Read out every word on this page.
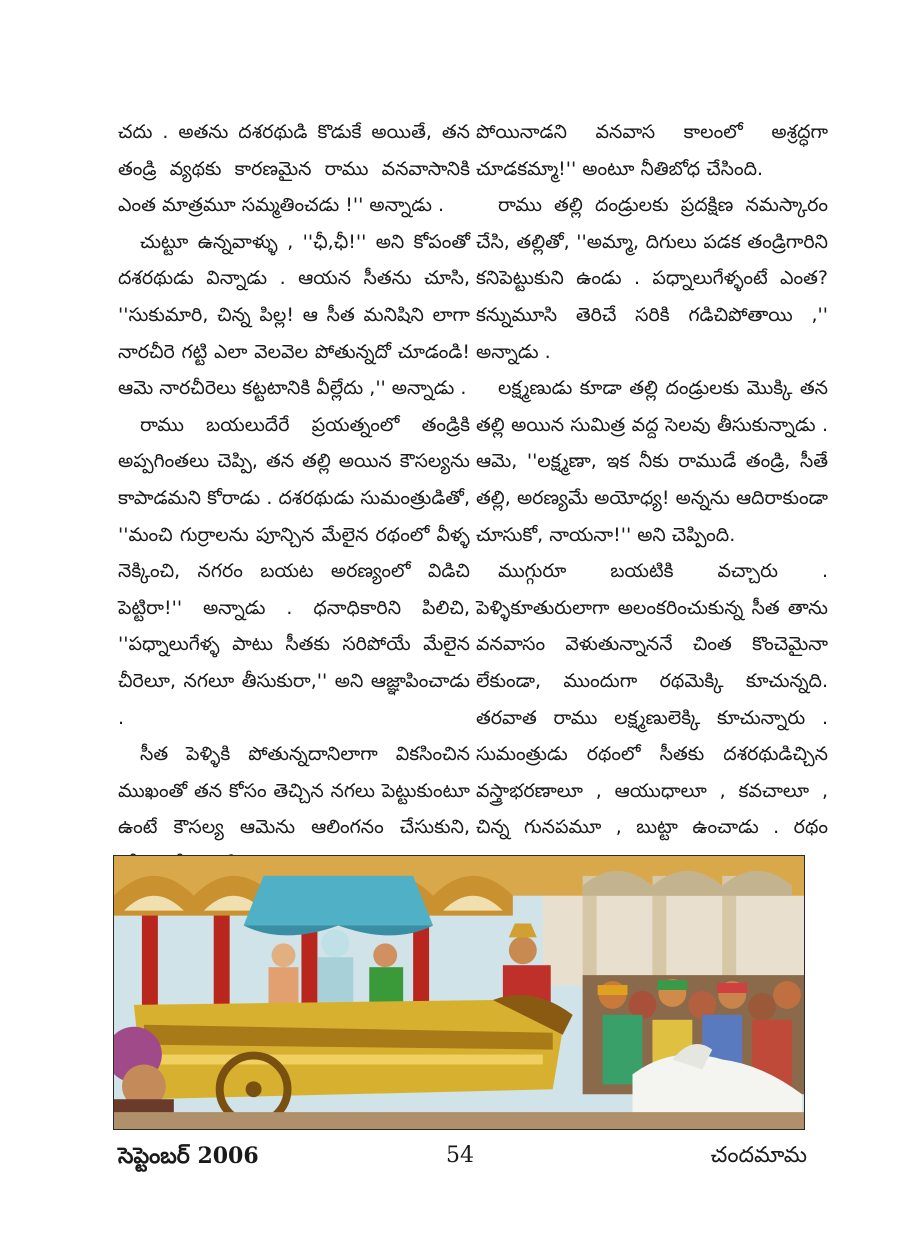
చదు . అతను దశరథుడి కొడుకే అయితే, తన తండ్రి వ్యథకు కారణమైన రాము వనవాసానికి ఎంత మాత్రమూ సమ్మతించడు !'' అన్నాడు .

చుట్టూ ఉన్నవాళ్ళు , ''ఛీ,ఛీ!'' అని కోపంతో దశరథుడు విన్నాడు . ఆయన సీతను చూసి, ''సుకుమారి, చిన్న పిల్ల! ఆ సీత మనిషిని లాగా నారచీరె గట్టి ఎలా వెలవెల పోతున్నదో చూడండి! ఆమె నారచీరెలు కట్టటానికి వీల్లేదు ,'' అన్నాడు .

రాము బయలుదేరే ప్రయత్నంలో తండ్రికి అప్పగింతలు చెప్పి, తన తల్లి అయిన కౌసల్యను కాపాడమని కోరాడు . దశరథుడు సుమంత్రుడితో, ''మంచి గుర్రాలను పూన్చిన మేలైన రథంలో వీళ్ళ నెక్కించి, నగరం బయట అరణ్యంలో విడిచి పెట్టిరా!'' అన్నాడు . ధనాధికారిని పిలిచి, ''పధ్నాలుగేళ్ళ పాటు సీతకు సరిపోయే మేలైన చీరెలూ, నగలూ తీసుకురా,'' అని ఆజ్ఞాపించాడు .

సీత పెళ్ళికి పోతున్నదానిలాగా వికసించిన ముఖంతో తన కోసం తెచ్చిన నగలు పెట్టుకుంటూ ఉంటే కౌసల్య ఆమెను ఆలింగనం చేసుకుని,

పోయినాడని వనవాస కాలంలో అశ్రద్ధగా చూడకమ్మా!'' అంటూ నీతిబోధ చేసింది.

రాము తల్లి దండ్రులకు ప్రదక్షిణ నమస్కారం చేసి, తల్లితో, ''అమ్మా, దిగులు పడక తండ్రిగారిని కనిపెట్టుకుని ఉండు . పధ్నాలుగేళ్ళంటే ఎంత? కన్నుమూసి తెరిచే సరికి గడిచిపోతాయి ,'' అన్నాడు .

లక్ష్మణుడు కూడా తల్లి దండ్రులకు మొక్కి తన తల్లి అయిన సుమిత్ర వద్ద సెలవు తీసుకున్నాడు . ఆమె, ''లక్ష్మణా, ఇక నీకు రాముడే తండ్రి, సీతే తల్లి, అరణ్యమే అయోధ్య! అన్నను ఆదిరాకుండా చూసుకో, నాయనా!'' అని చెప్పింది.

ముగ్గురూ బయటికి వచ్చారు . పెళ్ళికూతురులాగా అలంకరించుకున్న సీత తాను వనవాసం వెళుతున్నాననే చింత కొంచెమైనా లేకుండా, ముందుగా రథమెక్కి కూచున్నది. తరవాత రాము లక్ష్మణులెక్కి కూచున్నారు . సుమంత్రుడు రథంలో సీతకు దశరథుడిచ్చిన వస్త్రాభరణాలూ , ఆయుధాలూ , కవచాలూ , చిన్న గునపమూ , బుట్టా ఉంచాడు . రథం

సెప్టెంబర్ 2006	54	చందమామ
